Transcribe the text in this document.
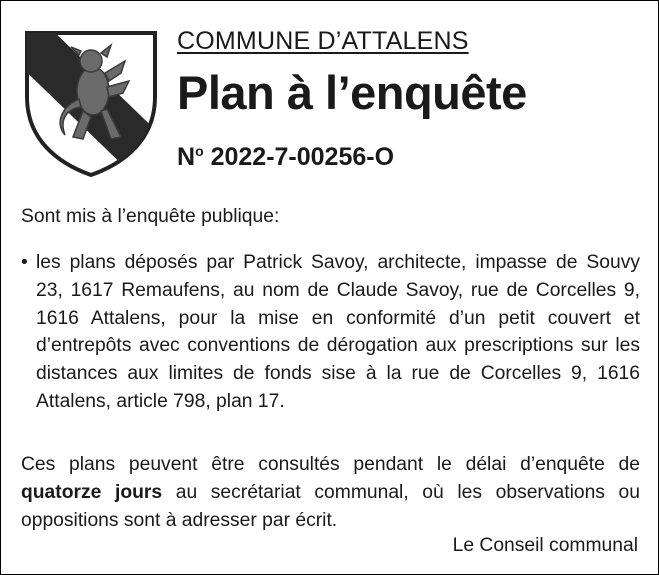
COMMUNE D’ATTALENS
Plan à l’enquête
$N^o$ 2022-7-00256-O
Sont mis à l’enquête publique:
• les plans déposés par Patrick Savoy, architecte, impasse de Souvy 23, 1617 Remaufens, au nom de Claude Savoy, rue de Corcelles 9, 1616 Attalens, pour la mise en conformité d’un petit couvert et d’entrepôts avec conventions de dérogation aux prescriptions sur les distances aux limites de fonds sise à la rue de Corcelles 9, 1616 Attalens, article 798, plan 17.
Ces plans peuvent être consultés pendant le délai d’enquête de quatorze jours au secrétariat communal, où les observations ou oppositions sont à adresser par écrit.
Le Conseil communal
